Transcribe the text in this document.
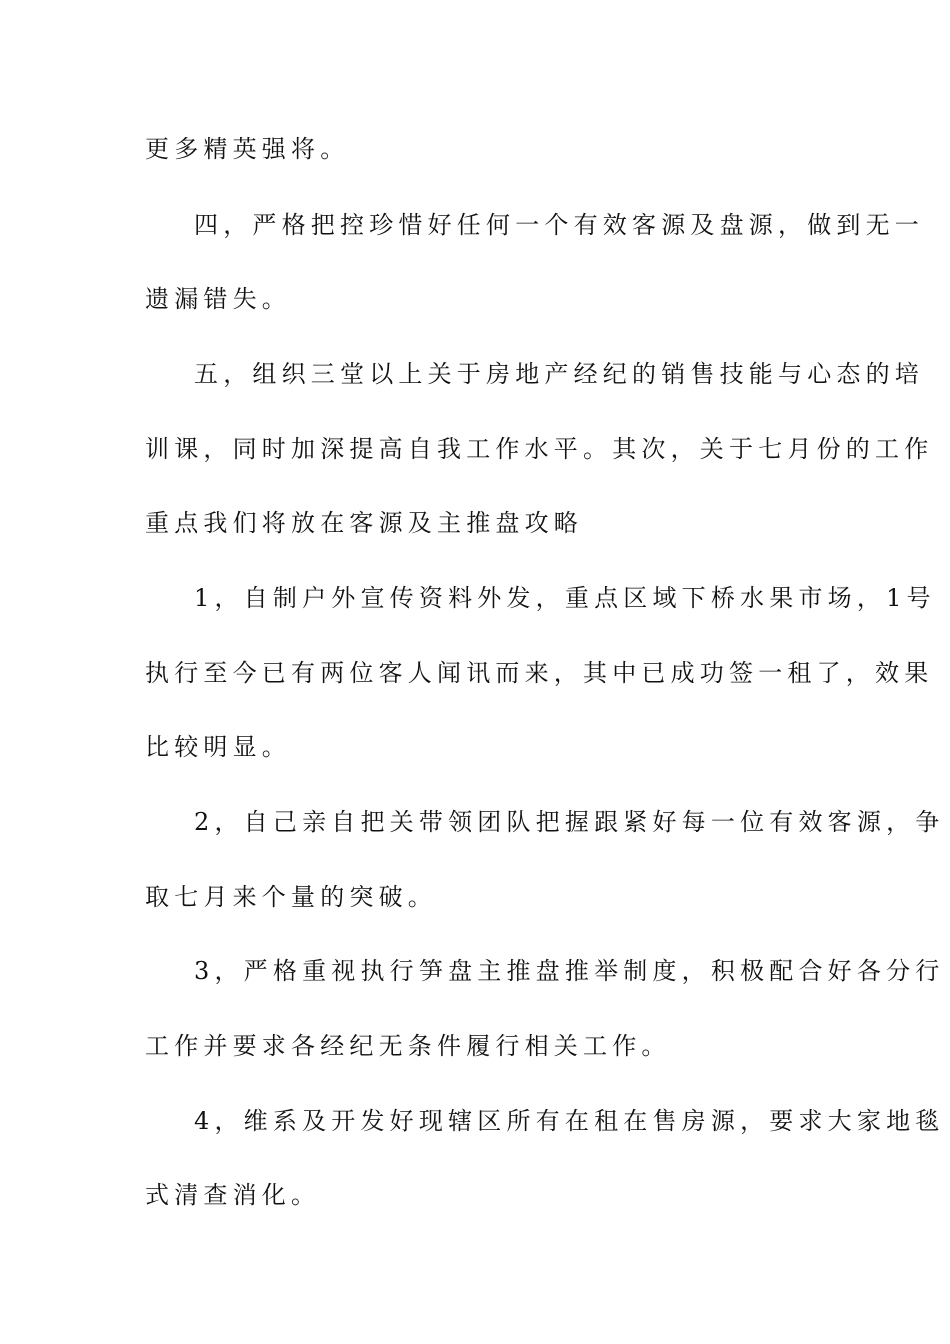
更多精英强将。
四，严格把控珍惜好任何一个有效客源及盘源，做到无一
遗漏错失。
五，组织三堂以上关于房地产经纪的销售技能与心态的培
训课，同时加深提高自我工作水平。其次，关于七月份的工作
重点我们将放在客源及主推盘攻略
1，自制户外宣传资料外发，重点区域下桥水果市场，1号
执行至今已有两位客人闻讯而来，其中已成功签一租了，效果
比较明显。
2，自己亲自把关带领团队把握跟紧好每一位有效客源，争
取七月来个量的突破。
3，严格重视执行笋盘主推盘推举制度，积极配合好各分行
工作并要求各经纪无条件履行相关工作。
4，维系及开发好现辖区所有在租在售房源，要求大家地毯
式清查消化。
